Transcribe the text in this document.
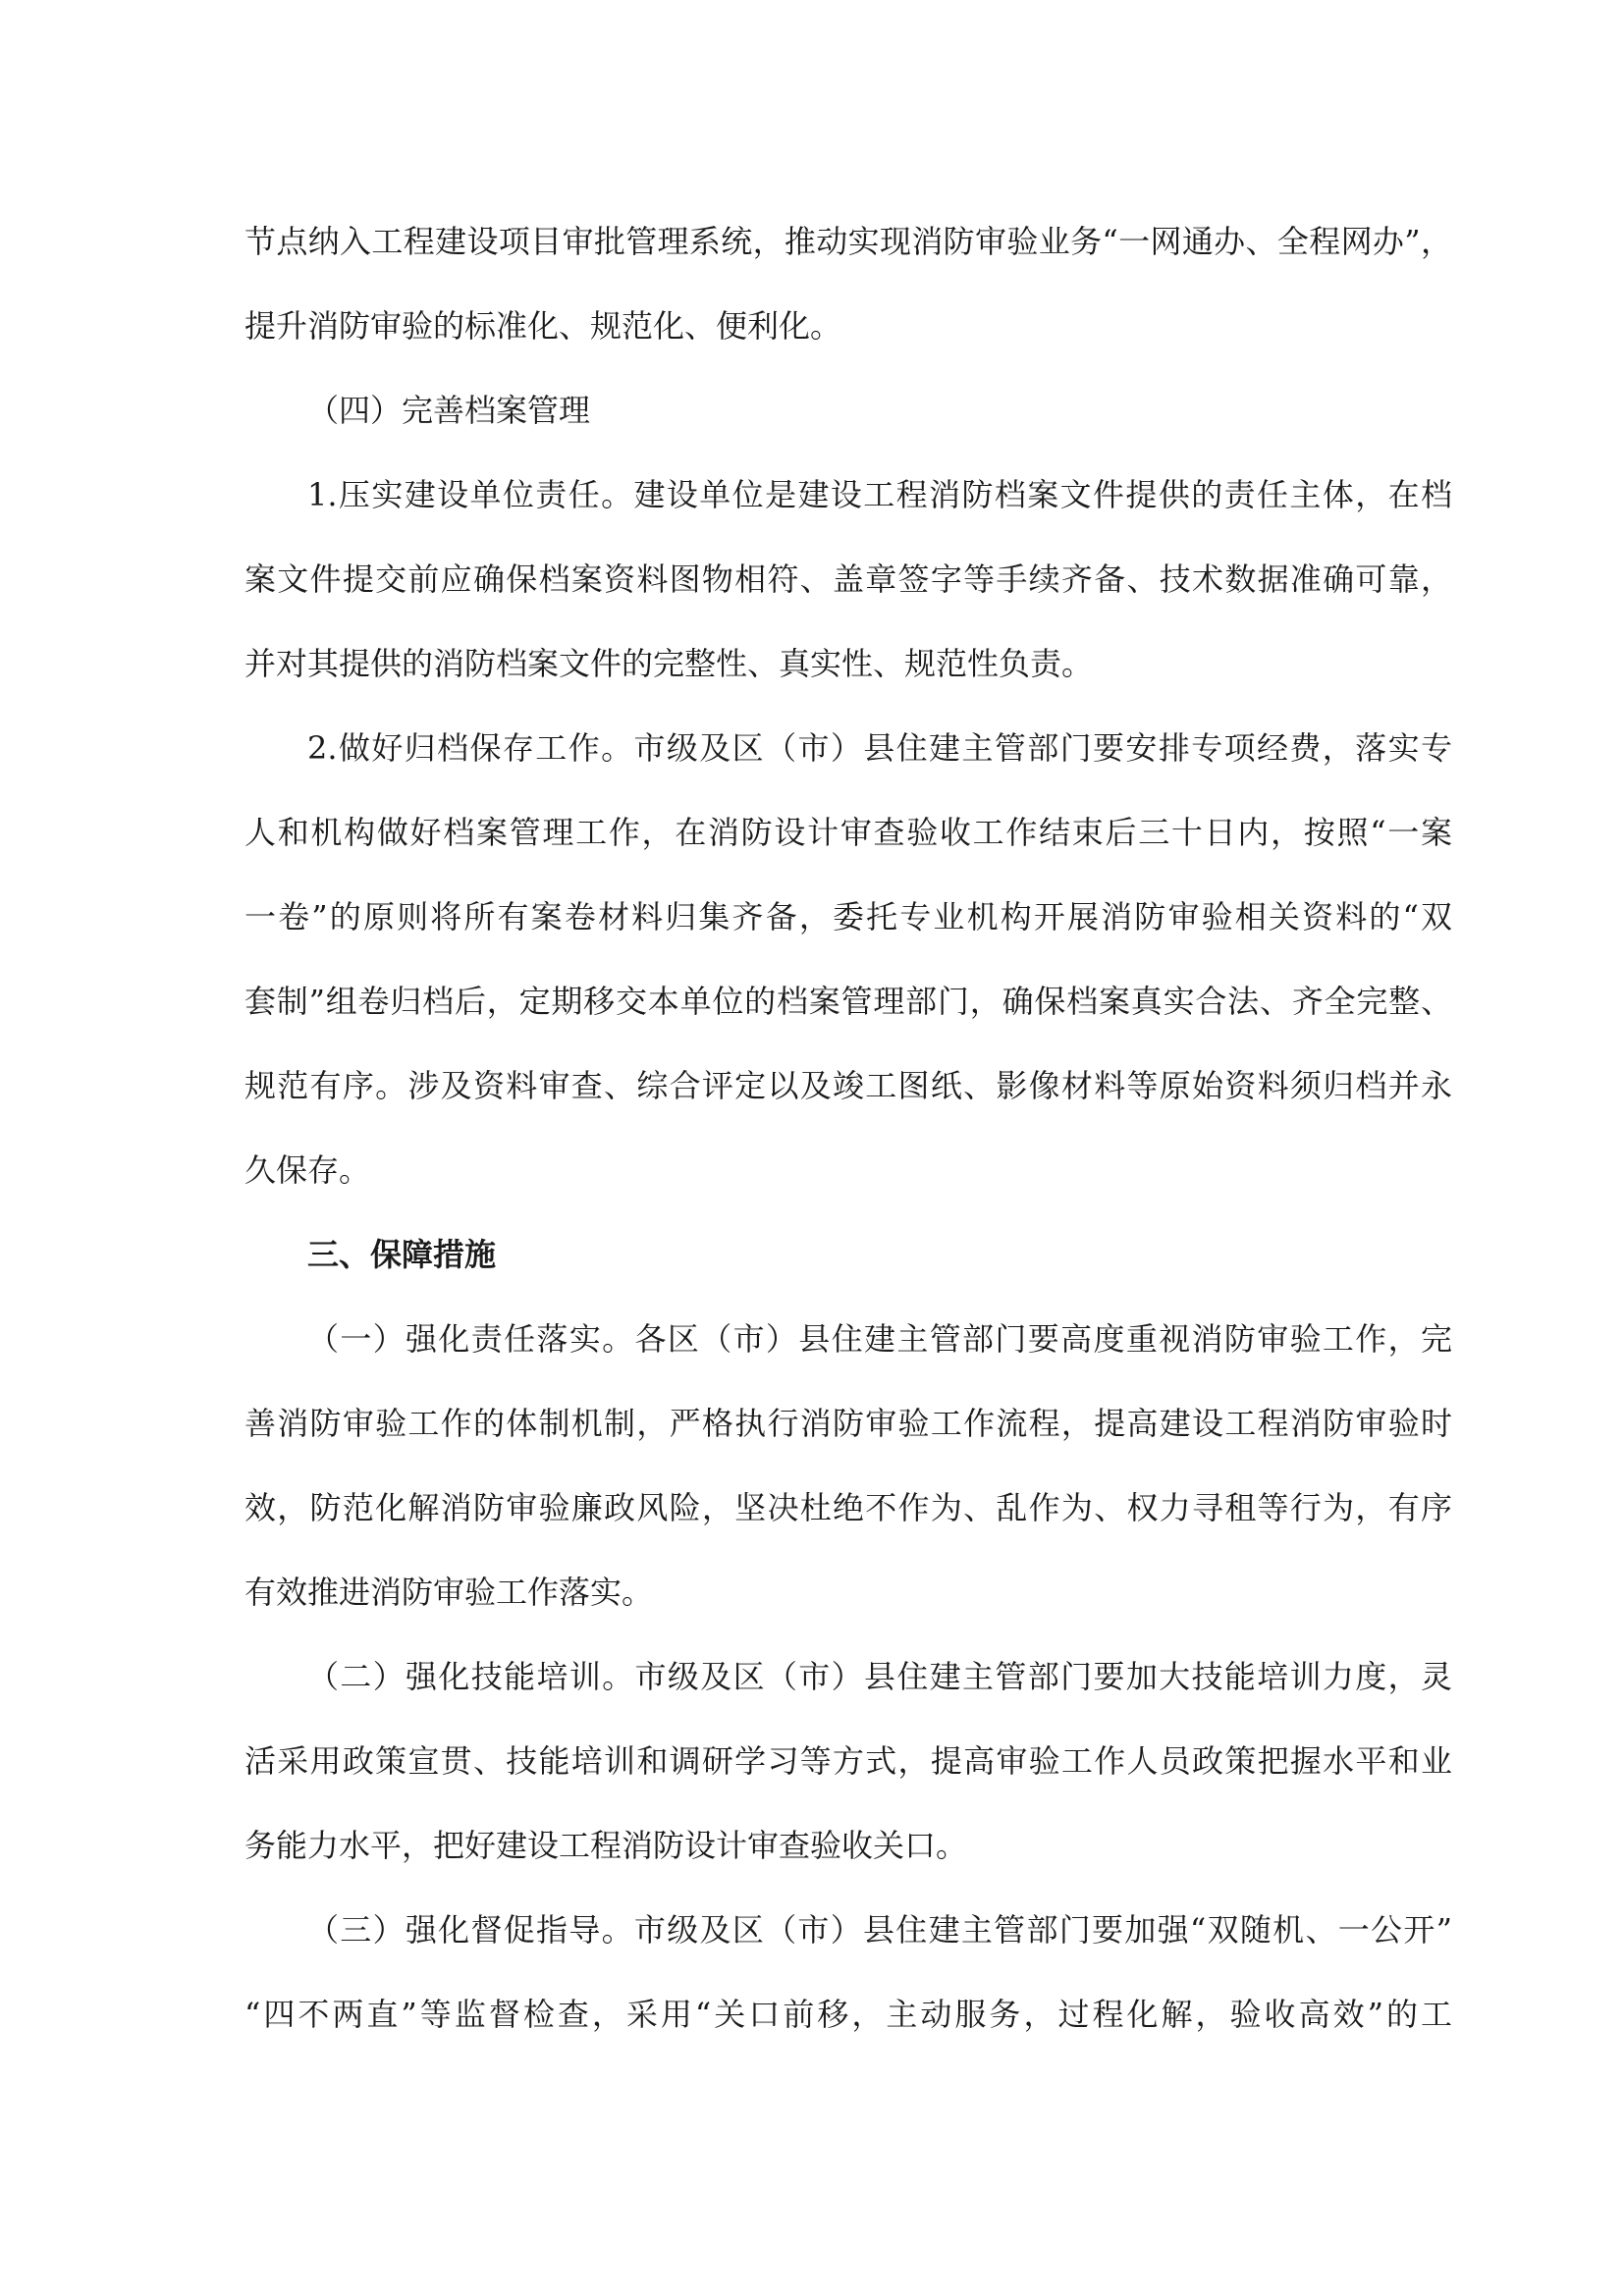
节点纳入工程建设项目审批管理系统，推动实现消防审验业务“一网通办、全程网办”，
提升消防审验的标准化、规范化、便利化。
（四）完善档案管理
1.压实建设单位责任。建设单位是建设工程消防档案文件提供的责任主体，在档
案文件提交前应确保档案资料图物相符、盖章签字等手续齐备、技术数据准确可靠，
并对其提供的消防档案文件的完整性、真实性、规范性负责。
2.做好归档保存工作。市级及区（市）县住建主管部门要安排专项经费，落实专
人和机构做好档案管理工作，在消防设计审查验收工作结束后三十日内，按照“一案
一卷”的原则将所有案卷材料归集齐备，委托专业机构开展消防审验相关资料的“双
套制”组卷归档后，定期移交本单位的档案管理部门，确保档案真实合法、齐全完整、
规范有序。涉及资料审查、综合评定以及竣工图纸、影像材料等原始资料须归档并永
久保存。
三、保障措施
（一）强化责任落实。各区（市）县住建主管部门要高度重视消防审验工作，完
善消防审验工作的体制机制，严格执行消防审验工作流程，提高建设工程消防审验时
效，防范化解消防审验廉政风险，坚决杜绝不作为、乱作为、权力寻租等行为，有序
有效推进消防审验工作落实。
（二）强化技能培训。市级及区（市）县住建主管部门要加大技能培训力度，灵
活采用政策宣贯、技能培训和调研学习等方式，提高审验工作人员政策把握水平和业
务能力水平，把好建设工程消防设计审查验收关口。
（三）强化督促指导。市级及区（市）县住建主管部门要加强“双随机、一公开”
“四不两直”等监督检查，采用“关口前移，主动服务，过程化解，验收高效”的工
